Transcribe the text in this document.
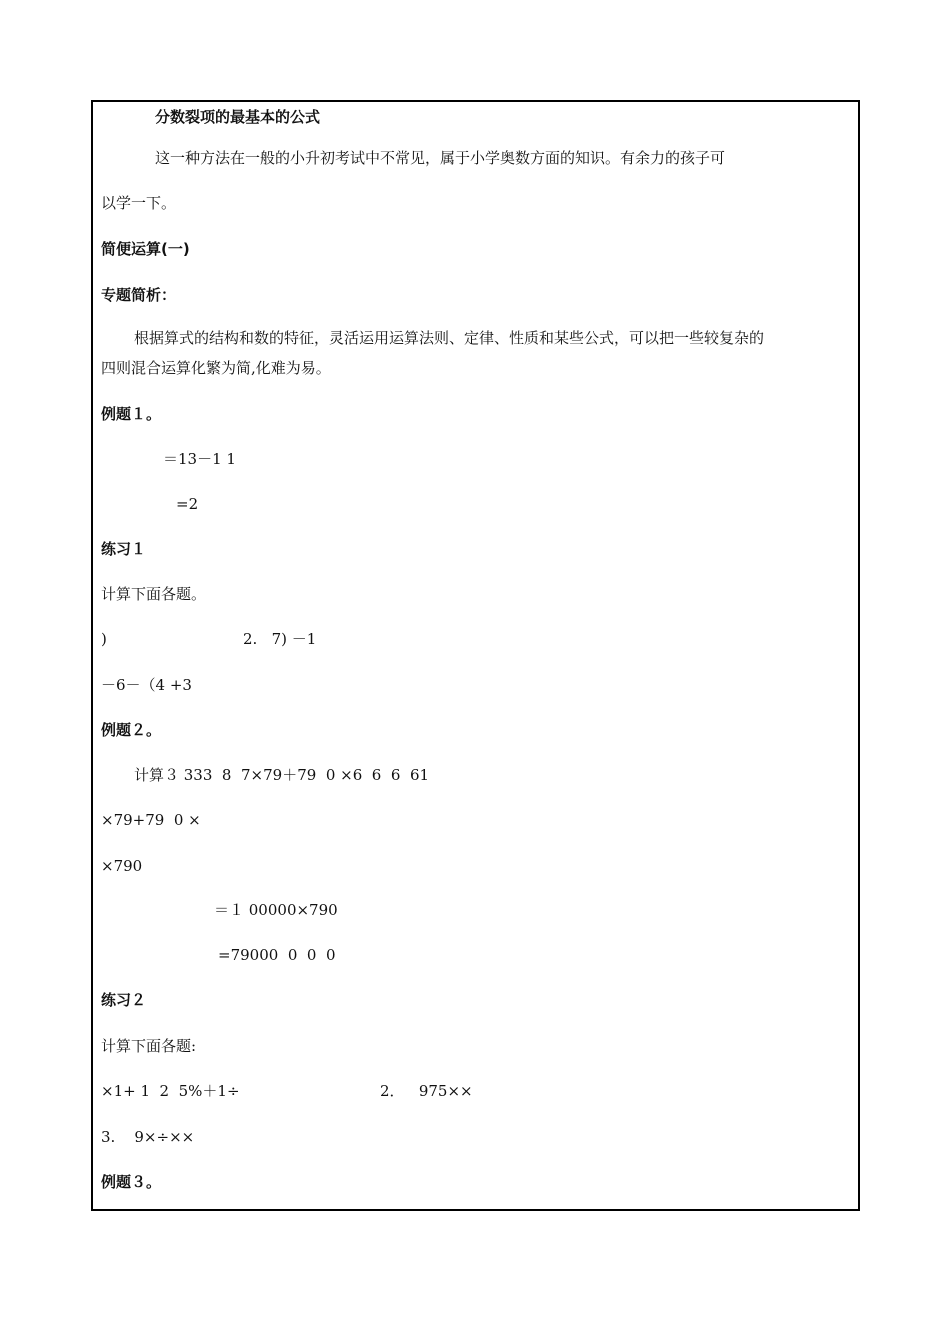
分数裂项的最基本的公式
这一种方法在一般的小升初考试中不常见，属于小学奥数方面的知识。有余力的孩子可
以学一下。
简便运算(一)
专题简析：
根据算式的结构和数的特征，灵活运用运算法则、定律、性质和某些公式，可以把一些较复杂的
四则混合运算化繁为简,化难为易。
例题１。
＝13－1 1
=2
练习１
计算下面各题。
)	2.   7) －1
－6－（4 +3
例题２。
计算３ 333  8  7×79＋79  0 ×6  6  6  61
×79+79  0 ×
×790
＝１ 00000×790
=79000  0  0  0
练习２
计算下面各题:
×1+ 1  2  5%＋1÷	2．   975××
3.    9×÷××
例题３。
